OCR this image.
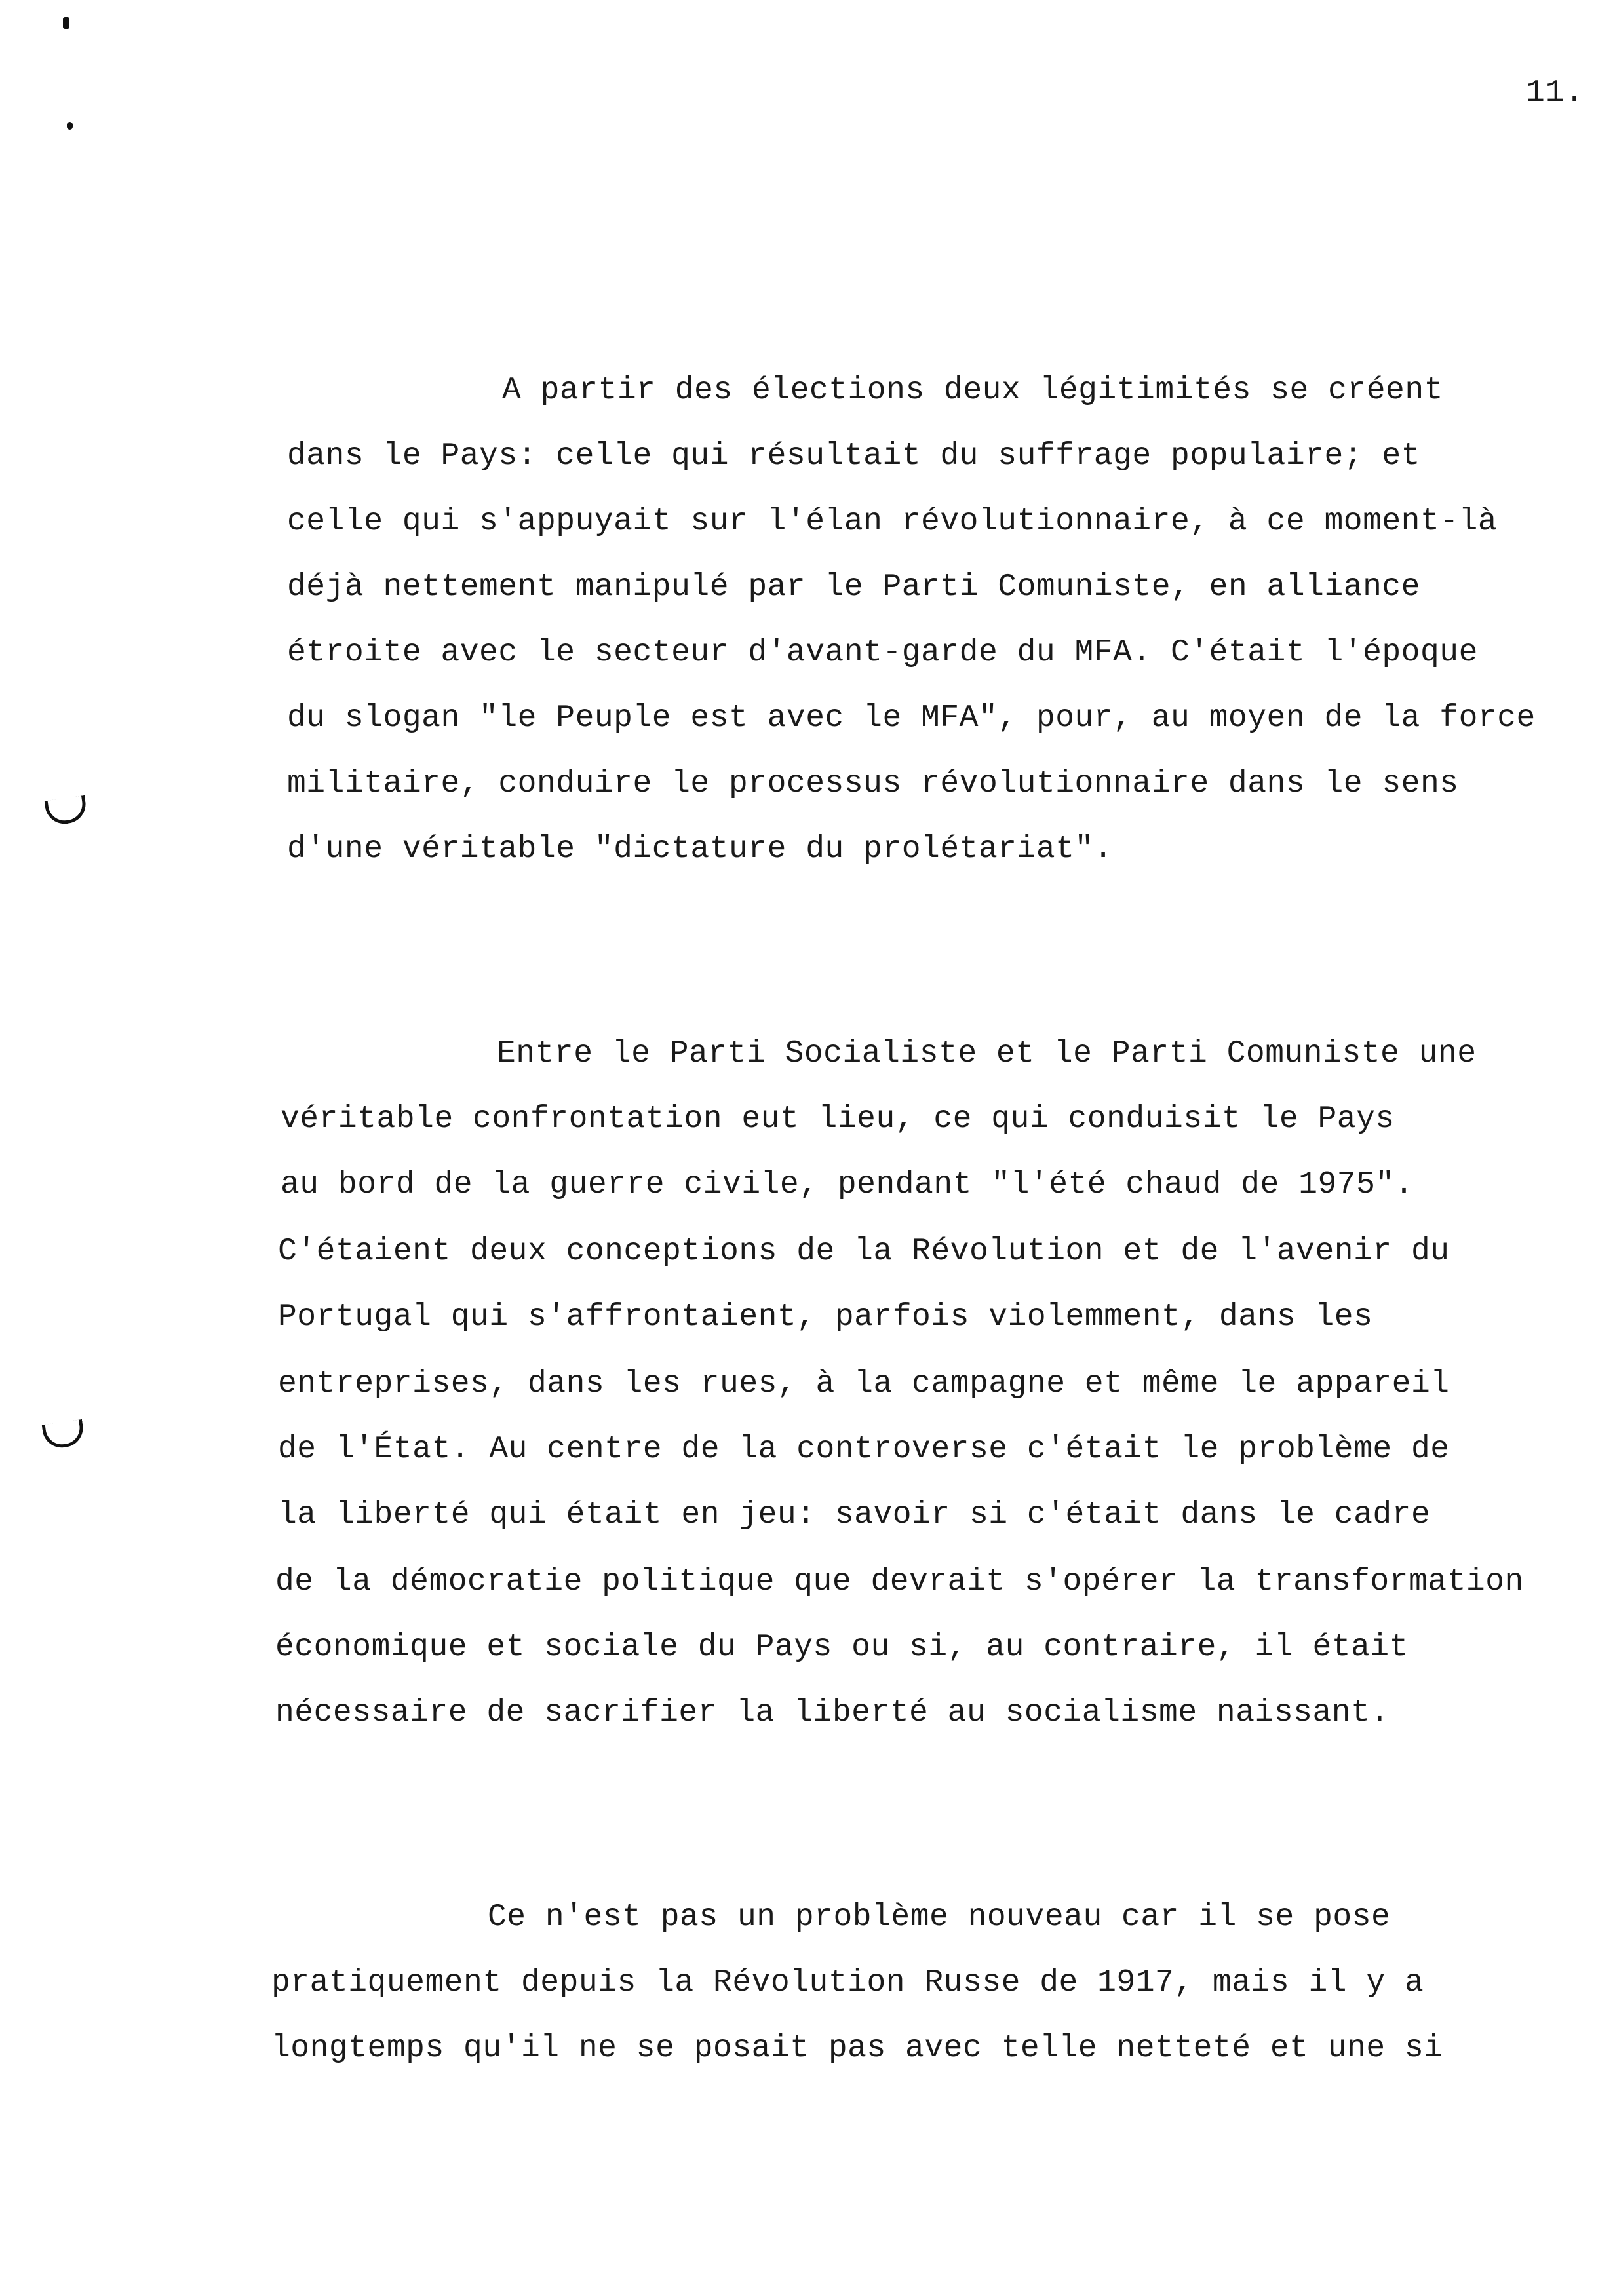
11.
A partir des élections deux légitimités se créent
dans le Pays: celle qui résultait du suffrage populaire; et
celle qui s'appuyait sur l'élan révolutionnaire, à ce moment-là
déjà nettement manipulé par le Parti Comuniste, en alliance
étroite avec le secteur d'avant-garde du MFA. C'était l'époque
du slogan "le Peuple est avec le MFA", pour, au moyen de la force
militaire, conduire le processus révolutionnaire dans le sens
d'une véritable "dictature du prolétariat".
Entre le Parti Socialiste et le Parti Comuniste une
véritable confrontation eut lieu, ce qui conduisit le Pays
au bord de la guerre civile, pendant "l'été chaud de 1975".
C'étaient deux conceptions de la Révolution et de l'avenir du
Portugal qui s'affrontaient, parfois violemment, dans les
entreprises, dans les rues, à la campagne et même le appareil
de l'État. Au centre de la controverse c'était le problème de
la liberté qui était en jeu: savoir si c'était dans le cadre
de la démocratie politique que devrait s'opérer la transformation
économique et sociale du Pays ou si, au contraire, il était
nécessaire de sacrifier la liberté au socialisme naissant.
Ce n'est pas un problème nouveau car il se pose
pratiquement depuis la Révolution Russe de 1917, mais il y a
longtemps qu'il ne se posait pas avec telle netteté et une si
